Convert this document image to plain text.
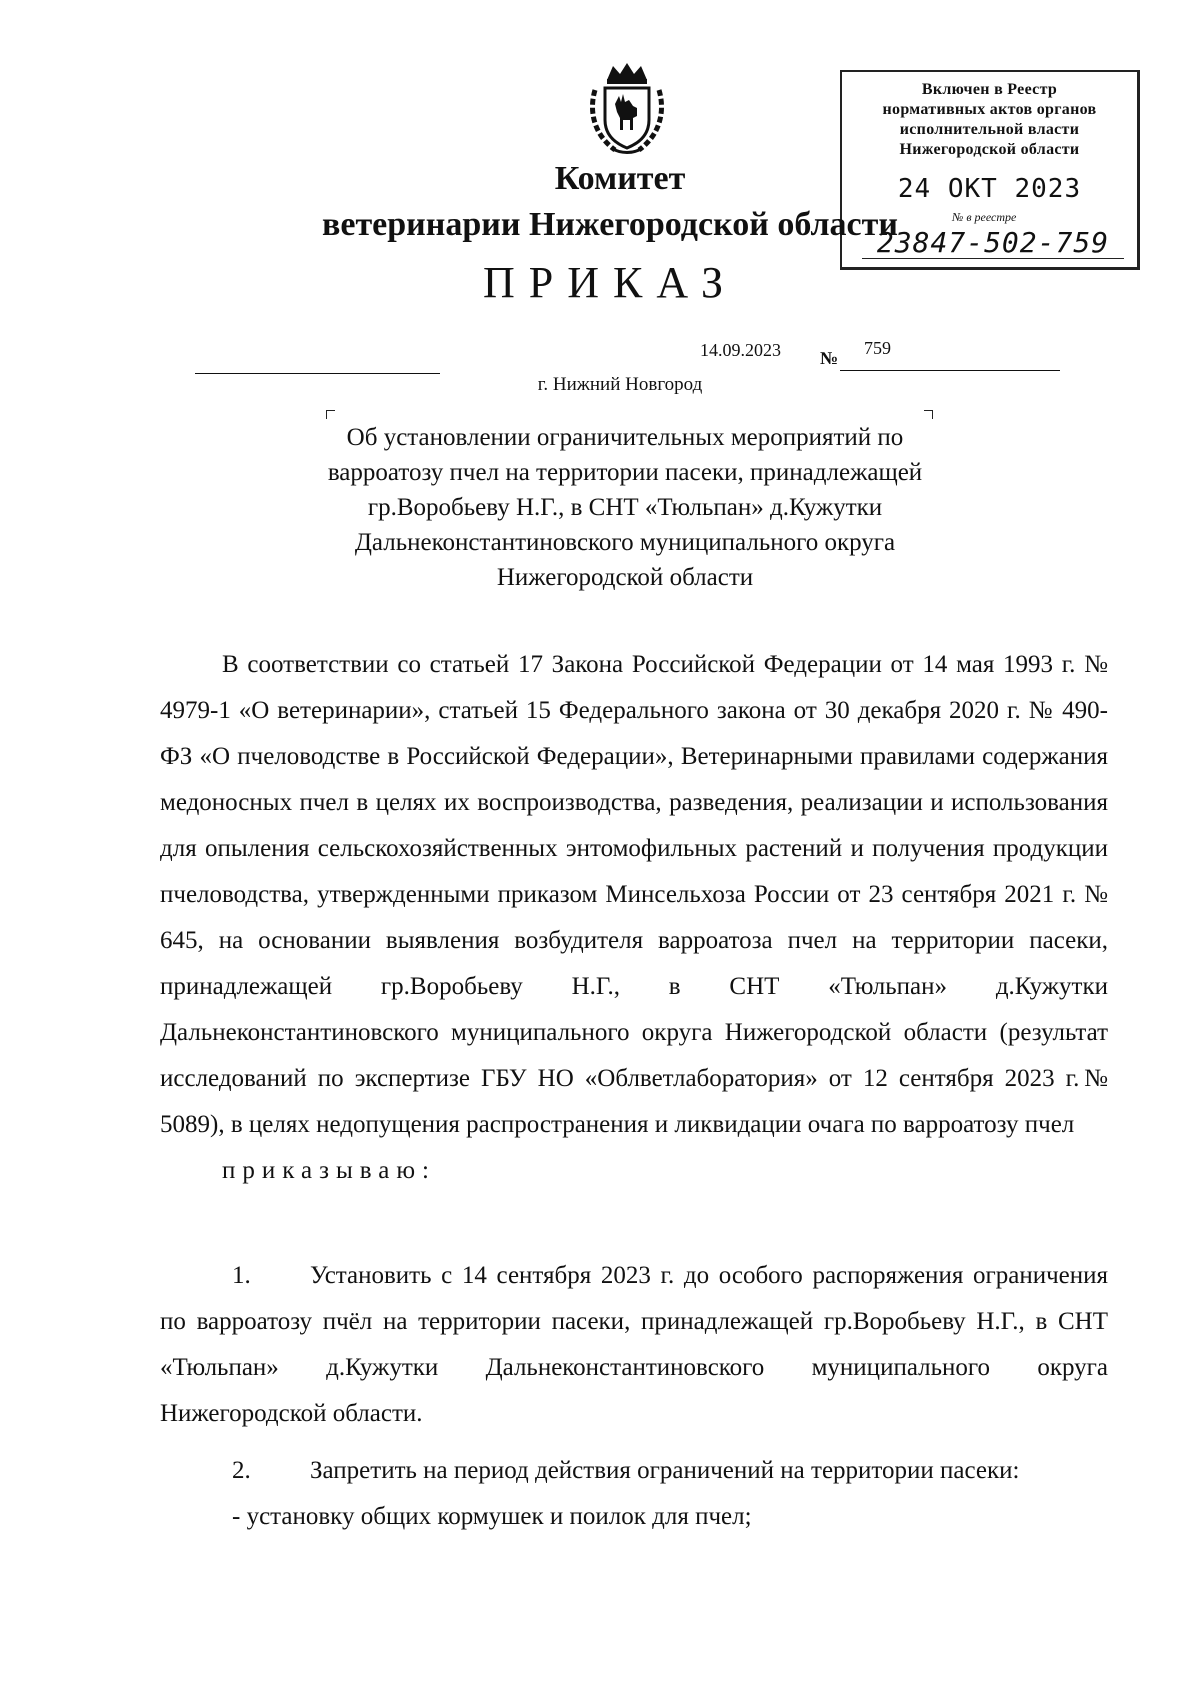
Включен в Реестр
нормативных актов органов
исполнительной власти
Нижегородской области
24 ОКТ 2023
№ в реестре
23847-502-759
Комитет
ветеринарии Нижегородской области
ПРИКАЗ
14.09.2023 № 759
г. Нижний Новгород
Об установлении ограничительных мероприятий по варроатозу пчел на территории пасеки, принадлежащей гр.Воробьеву Н.Г., в СНТ «Тюльпан» д.Кужутки Дальнеконстантиновского муниципального округа Нижегородской области
В соответствии со статьей 17 Закона Российской Федерации от 14 мая 1993 г. № 4979-1 «О ветеринарии», статьей 15 Федерального закона от 30 декабря 2020 г. № 490-ФЗ «О пчеловодстве в Российской Федерации», Ветеринарными правилами содержания медоносных пчел в целях их воспроизводства, разведения, реализации и использования для опыления сельскохозяйственных энтомофильных растений и получения продукции пчеловодства, утвержденными приказом Минсельхоза России от 23 сентября 2021 г. № 645, на основании выявления возбудителя варроатоза пчел на территории пасеки, принадлежащей гр.Воробьеву Н.Г., в СНТ «Тюльпан» д.Кужутки Дальнеконстантиновского муниципального округа Нижегородской области (результат исследований по экспертизе ГБУ НО «Облветлаборатория» от 12 сентября 2023 г.№ 5089), в целях недопущения распространения и ликвидации очага по варроатозу пчел
приказываю:
1. Установить с 14 сентября 2023 г. до особого распоряжения ограничения по варроатозу пчёл на территории пасеки, принадлежащей гр.Воробьеву Н.Г., в СНТ «Тюльпан» д.Кужутки Дальнеконстантиновского муниципального округа Нижегородской области.
2. Запретить на период действия ограничений на территории пасеки:
- установку общих кормушек и поилок для пчел;
